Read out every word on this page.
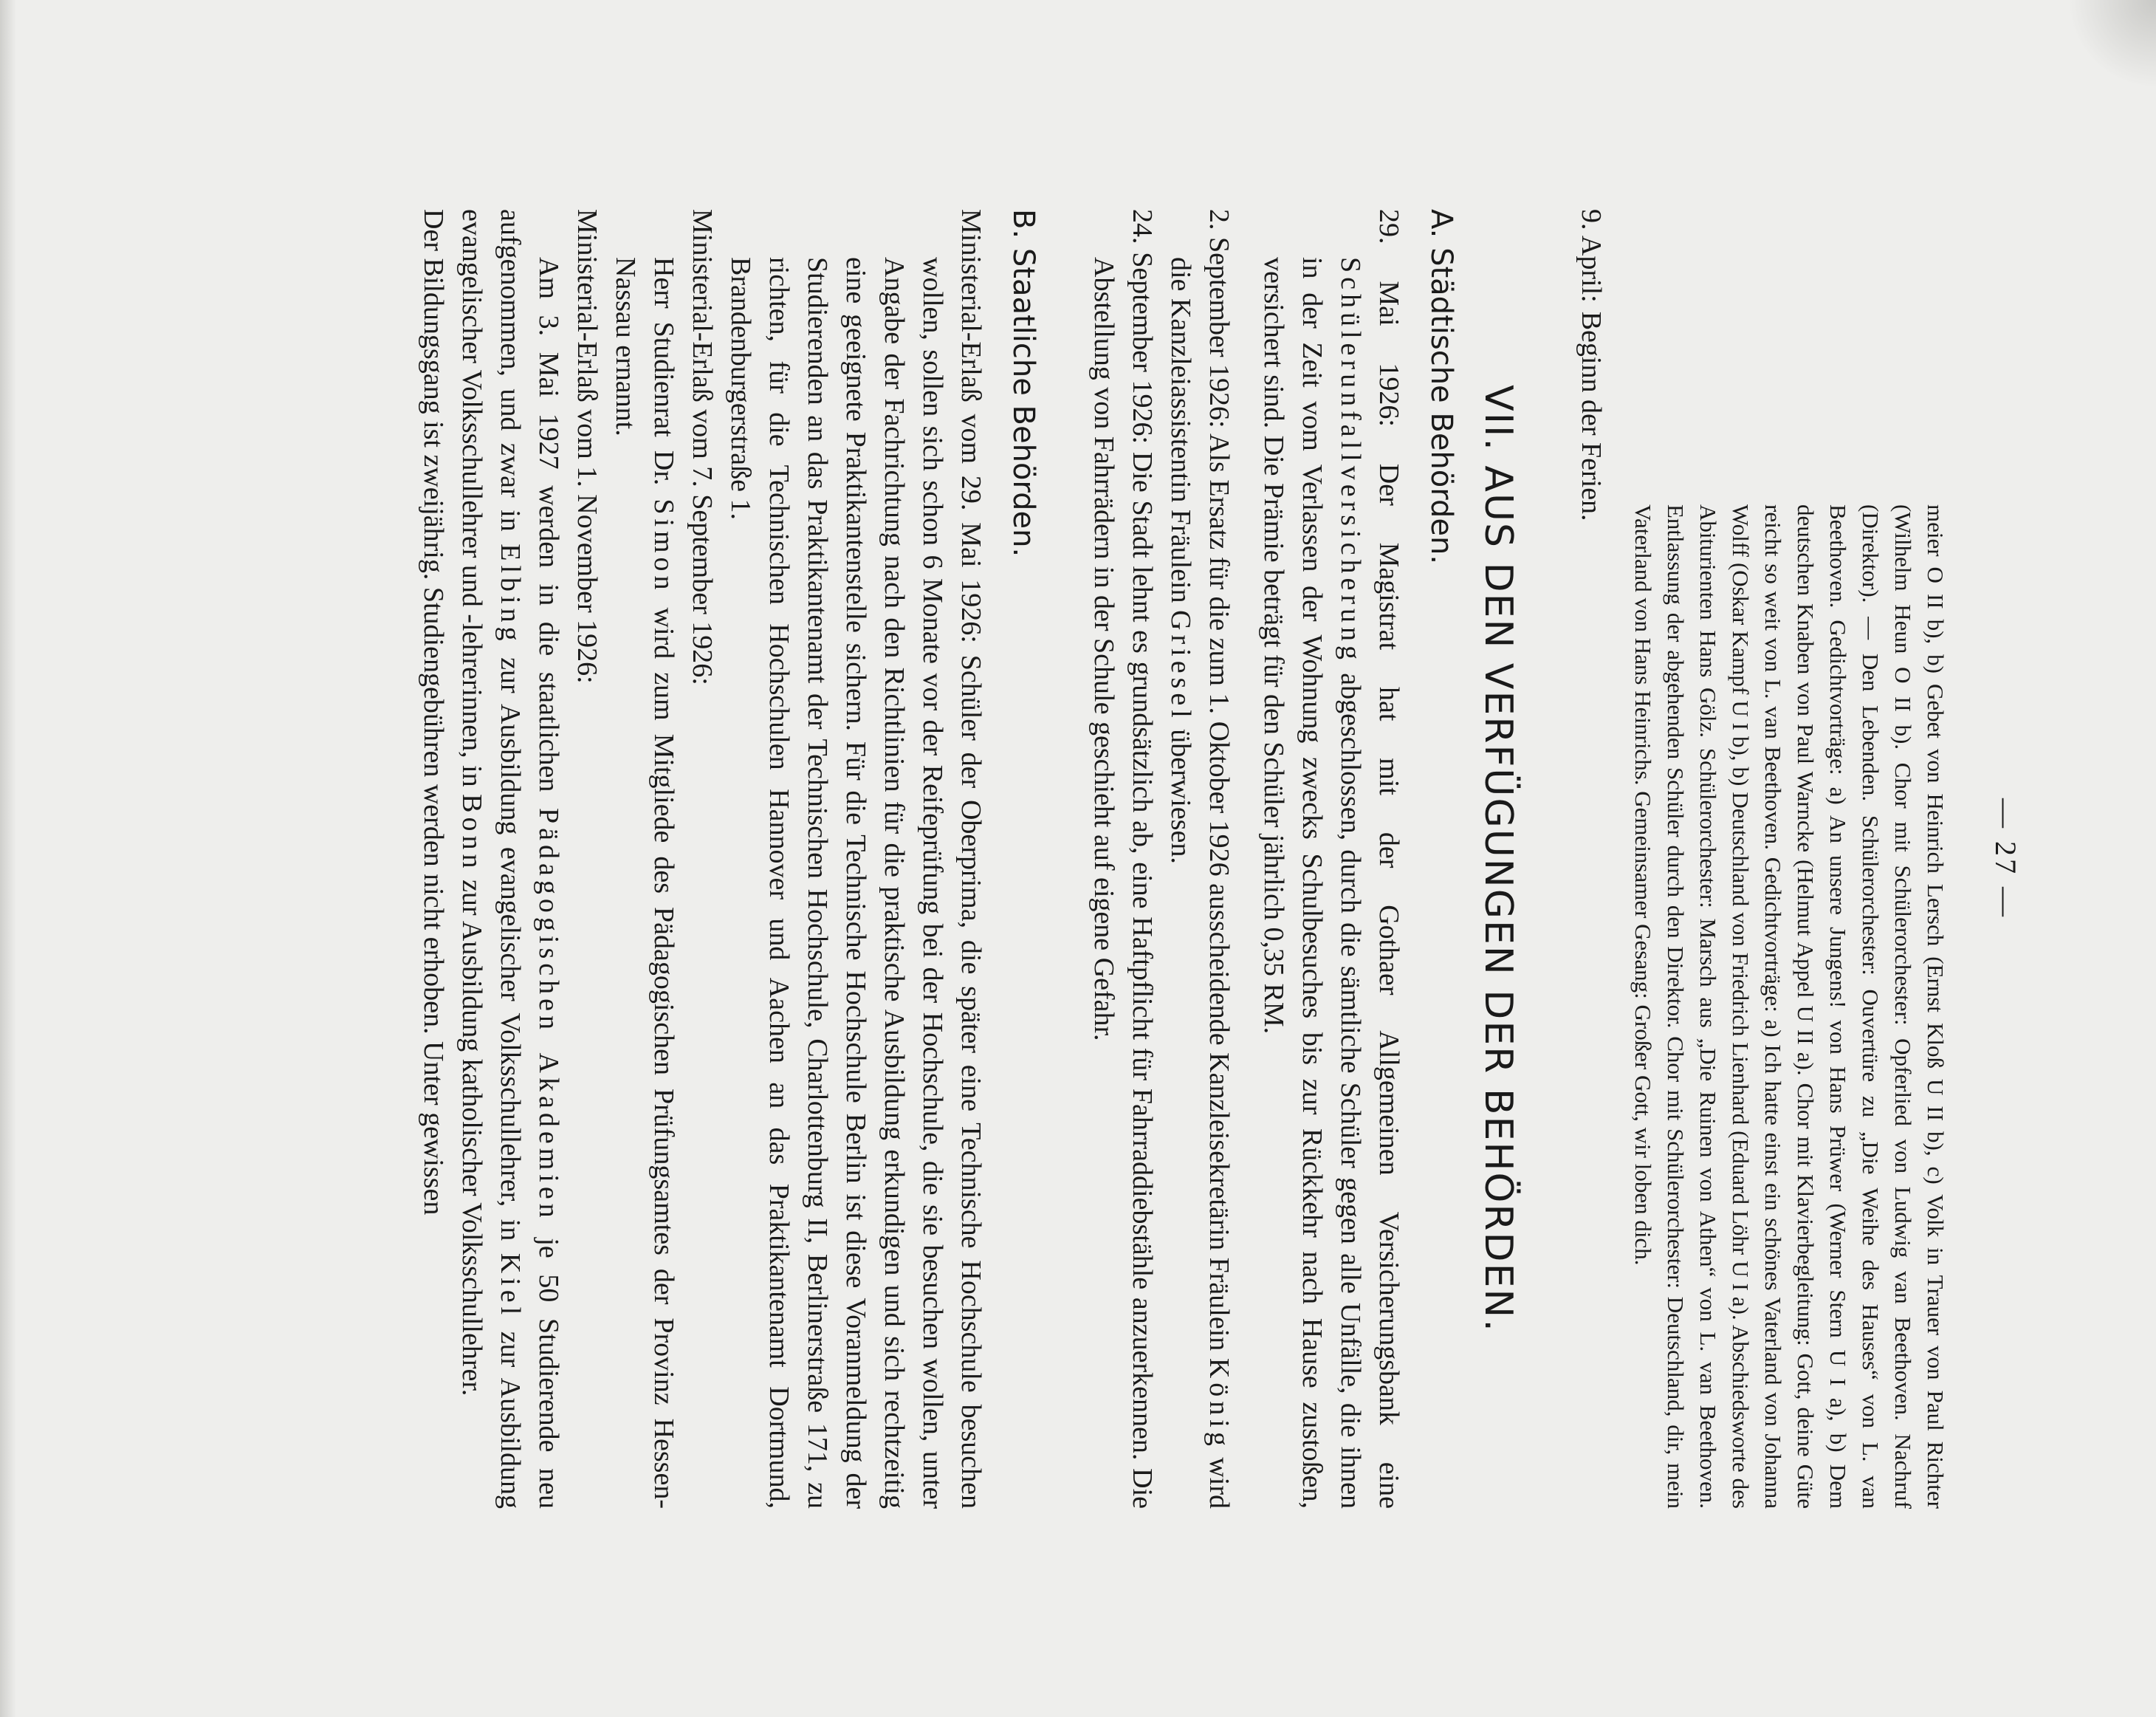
— 27 —

meier O II b), b) Gebet von Heinrich Lersch (Ernst Kloß U II b), c) Volk in Trauer von Paul Richter (Wilhelm Heun O II b). Chor mit Schülerorchester: Opferlied von Ludwig van Beethoven. Nachruf (Direktor). — Den Lebenden. Schülerorchester: Ouvertüre zu „Die Weihe des Hauses“ von L. van Beethoven. Gedichtvorträge: a) An unsere Jungens! von Hans Prüwer (Werner Stern U I a), b) Dem deutschen Knaben von Paul Warncke (Helmut Appel U II a). Chor mit Klavierbegleitung: Gott, deine Güte reicht so weit von L. van Beethoven. Gedichtvorträge: a) Ich hatte einst ein schönes Vaterland von Johanna Wolff (Oskar Kampf U I b), b) Deutschland von Friedrich Lienhard (Eduard Löhr U I a). Abschiedsworte des Abiturienten Hans Gölz. Schülerorchester: Marsch aus „Die Ruinen von Athen“ von L. van Beethoven. Entlassung der abgehenden Schüler durch den Direktor. Chor mit Schülerorchester: Deutschland, dir, mein Vaterland von Hans Heinrichs. Gemeinsamer Gesang: Großer Gott, wir loben dich.

9. April:
Beginn der Ferien.
VII. AUS DEN VERFÜGUNGEN DER BEHÖRDEN.
A. Städtische Behörden.

29. Mai 1926: Der Magistrat hat mit der Gothaer Allgemeinen Versicherungsbank eine Schülerunfallversicherung abgeschlossen, durch die sämtliche Schüler gegen alle Unfälle, die ihnen in der Zeit vom Verlassen der Wohnung zwecks Schulbesuches bis zur Rückkehr nach Hause zustoßen, versichert sind. Die Prämie beträgt für den Schüler jährlich 0,35 RM.

2. September 1926: Als Ersatz für die zum 1. Oktober 1926 ausscheidende Kanzleisekretärin Fräulein König wird die Kanzleiassistentin Fräulein Griesel überwiesen.

24. September 1926: Die Stadt lehnt es grundsätzlich ab, eine Haftpflicht für Fahrraddiebstähle anzuerkennen. Die Abstellung von Fahrrädern in der Schule geschieht auf eigene Gefahr.

B. Staatliche Behörden.

Ministerial-Erlaß vom 29. Mai 1926: Schüler der Oberprima, die später eine Technische Hochschule besuchen wollen, sollen sich schon 6 Monate vor der Reifeprüfung bei der Hochschule, die sie besuchen wollen, unter Angabe der Fachrichtung nach den Richtlinien für die praktische Ausbildung erkundigen und sich rechtzeitig eine geeignete Praktikantenstelle sichern. Für die Technische Hochschule Berlin ist diese Voranmeldung der Studierenden an das Praktikantenamt der Technischen Hochschule, Charlottenburg II, Berlinerstraße 171, zu richten, für die Technischen Hochschulen Hannover und Aachen an das Praktikantenamt Dortmund, Brandenburgerstraße 1.

Ministerial-Erlaß vom 7. September 1926:

Herr Studienrat Dr. Simon wird zum Mitgliede des Pädagogischen Prüfungsamtes der Provinz Hessen-Nassau ernannt.

Ministerial-Erlaß vom 1. November 1926:

Am 3. Mai 1927 werden in die staatlichen Pädagogischen Akademien je 50 Studierende neu aufgenommen, und zwar in Elbing zur Ausbildung evangelischer Volksschullehrer, in Kiel zur Ausbildung evangelischer Volksschullehrer und -lehrerinnen, in Bonn zur Ausbildung katholischer Volksschullehrer.

Der Bildungsgang ist zweijährig. Studiengebühren werden nicht erhoben. Unter gewissen
